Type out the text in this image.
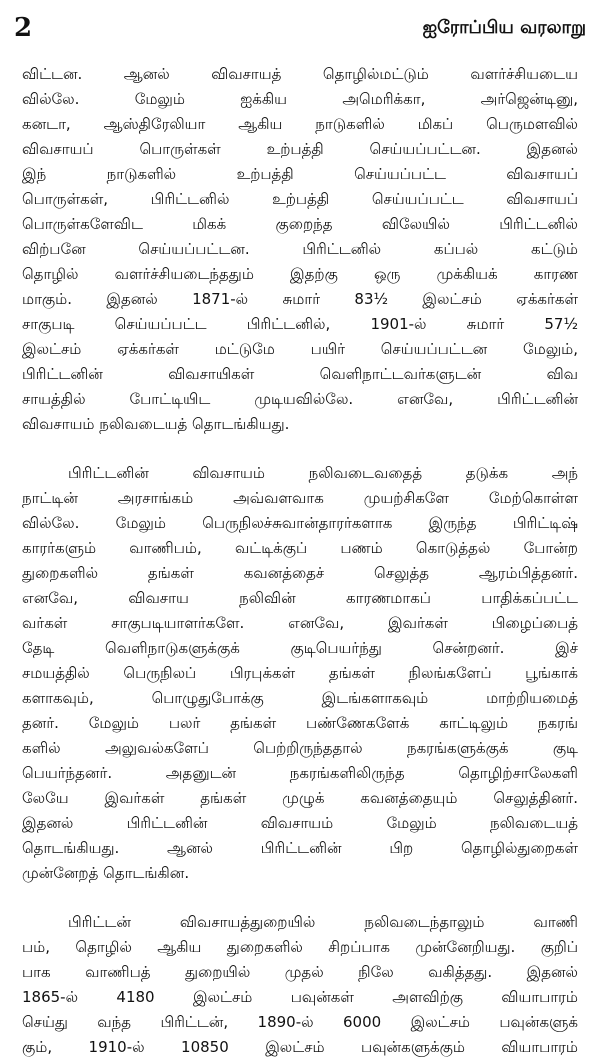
2	ஐரோப்பிய வரலாறு
விட்டன. ஆனல் விவசாயத் தொழில்மட்டும் வளர்ச்சியடைய
வில்லே. மேலும் ஐக்கிய அமெரிக்கா, அர்ஜென்டினு,
கனடா, ஆஸ்திரேலியா ஆகிய நாடுகளில் மிகப் பெருமளவில்
விவசாயப் பொருள்கள் உற்பத்தி செய்யப்பட்டன. இதனல்
இந் நாடுகளில் உற்பத்தி செய்யப்பட்ட விவசாயப்
பொருள்கள், பிரிட்டனில் உற்பத்தி செய்யப்பட்ட விவசாயப்
பொருள்களேவிட மிகக் குறைந்த விலேயில் பிரிட்டனில்
விற்பனே செய்யப்பட்டன. பிரிட்டனில் கப்பல் கட்டும்
தொழில் வளர்ச்சியடைந்ததும் இதற்கு ஒரு முக்கியக் காரண
மாகும். இதனல் 1871-ல் சுமார் 83½ இலட்சம் ஏக்கர்கள்
சாகுபடி செய்யப்பட்ட பிரிட்டனில், 1901-ல் சுமார் 57½
இலட்சம் ஏக்கர்கள் மட்டுமே பயிர் செய்யப்பட்டன மேலும்,
பிரிட்டனின் விவசாயிகள் வெளிநாட்டவர்களுடன் விவ
சாயத்தில் போட்டியிட முடியவில்லே. எனவே, பிரிட்டனின்
விவசாயம் நலிவடையத் தொடங்கியது.
பிரிட்டனின் விவசாயம் நலிவடைவதைத் தடுக்க அந்
நாட்டின் அரசாங்கம் அவ்வளவாக முயற்சிகளே மேற்கொள்ள
வில்லே. மேலும் பெருநிலச்சுவான்தாரர்களாக இருந்த பிரிட்டிஷ்
காரர்களும் வாணிபம், வட்டிக்குப் பணம் கொடுத்தல் போன்ற
துறைகளில் தங்கள் கவனத்தைச் செலுத்த ஆரம்பித்தனர்.
எனவே, விவசாய நலிவின் காரணமாகப் பாதிக்கப்பட்ட
வர்கள் சாகுபடியாளர்களே. எனவே, இவர்கள் பிழைப்பைத்
தேடி வெளிநாடுகளுக்குக் குடிபெயர்ந்து சென்றனர். இச்
சமயத்தில் பெருநிலப் பிரபுக்கள் தங்கள் நிலங்களேப் பூங்காக்
களாகவும், பொழுதுபோக்கு இடங்களாகவும் மாற்றியமைத்
தனர். மேலும் பலர் தங்கள் பண்ணேகளேக் காட்டிலும் நகரங்
களில் அலுவல்களேப் பெற்றிருந்ததால் நகரங்களுக்குக் குடி
பெயர்ந்தனர். அதனுடன் நகரங்களிலிருந்த தொழிற்சாலேகளி
லேயே இவர்கள் தங்கள் முழுக் கவனத்தையும் செலுத்தினர்.
இதனல் பிரிட்டனின் விவசாயம் மேலும் நலிவடையத்
தொடங்கியது. ஆனல் பிரிட்டனின் பிற தொழில்துறைகள்
முன்னேறத் தொடங்கின.
பிரிட்டன் விவசாயத்துறையில் நலிவடைந்தாலும் வாணி
பம், தொழில் ஆகிய துறைகளில் சிறப்பாக முன்னேறியது. குறிப்
பாக வாணிபத் துறையில் முதல் நிலே வகித்தது. இதனல்
1865-ல் 4180 இலட்சம் பவுன்கள் அளவிற்கு வியாபாரம்
செய்து வந்த பிரிட்டன், 1890-ல் 6000 இலட்சம் பவுன்களுக்
கும், 1910-ல் 10850 இலட்சம் பவுன்களுக்கும் வியாபாரம்
